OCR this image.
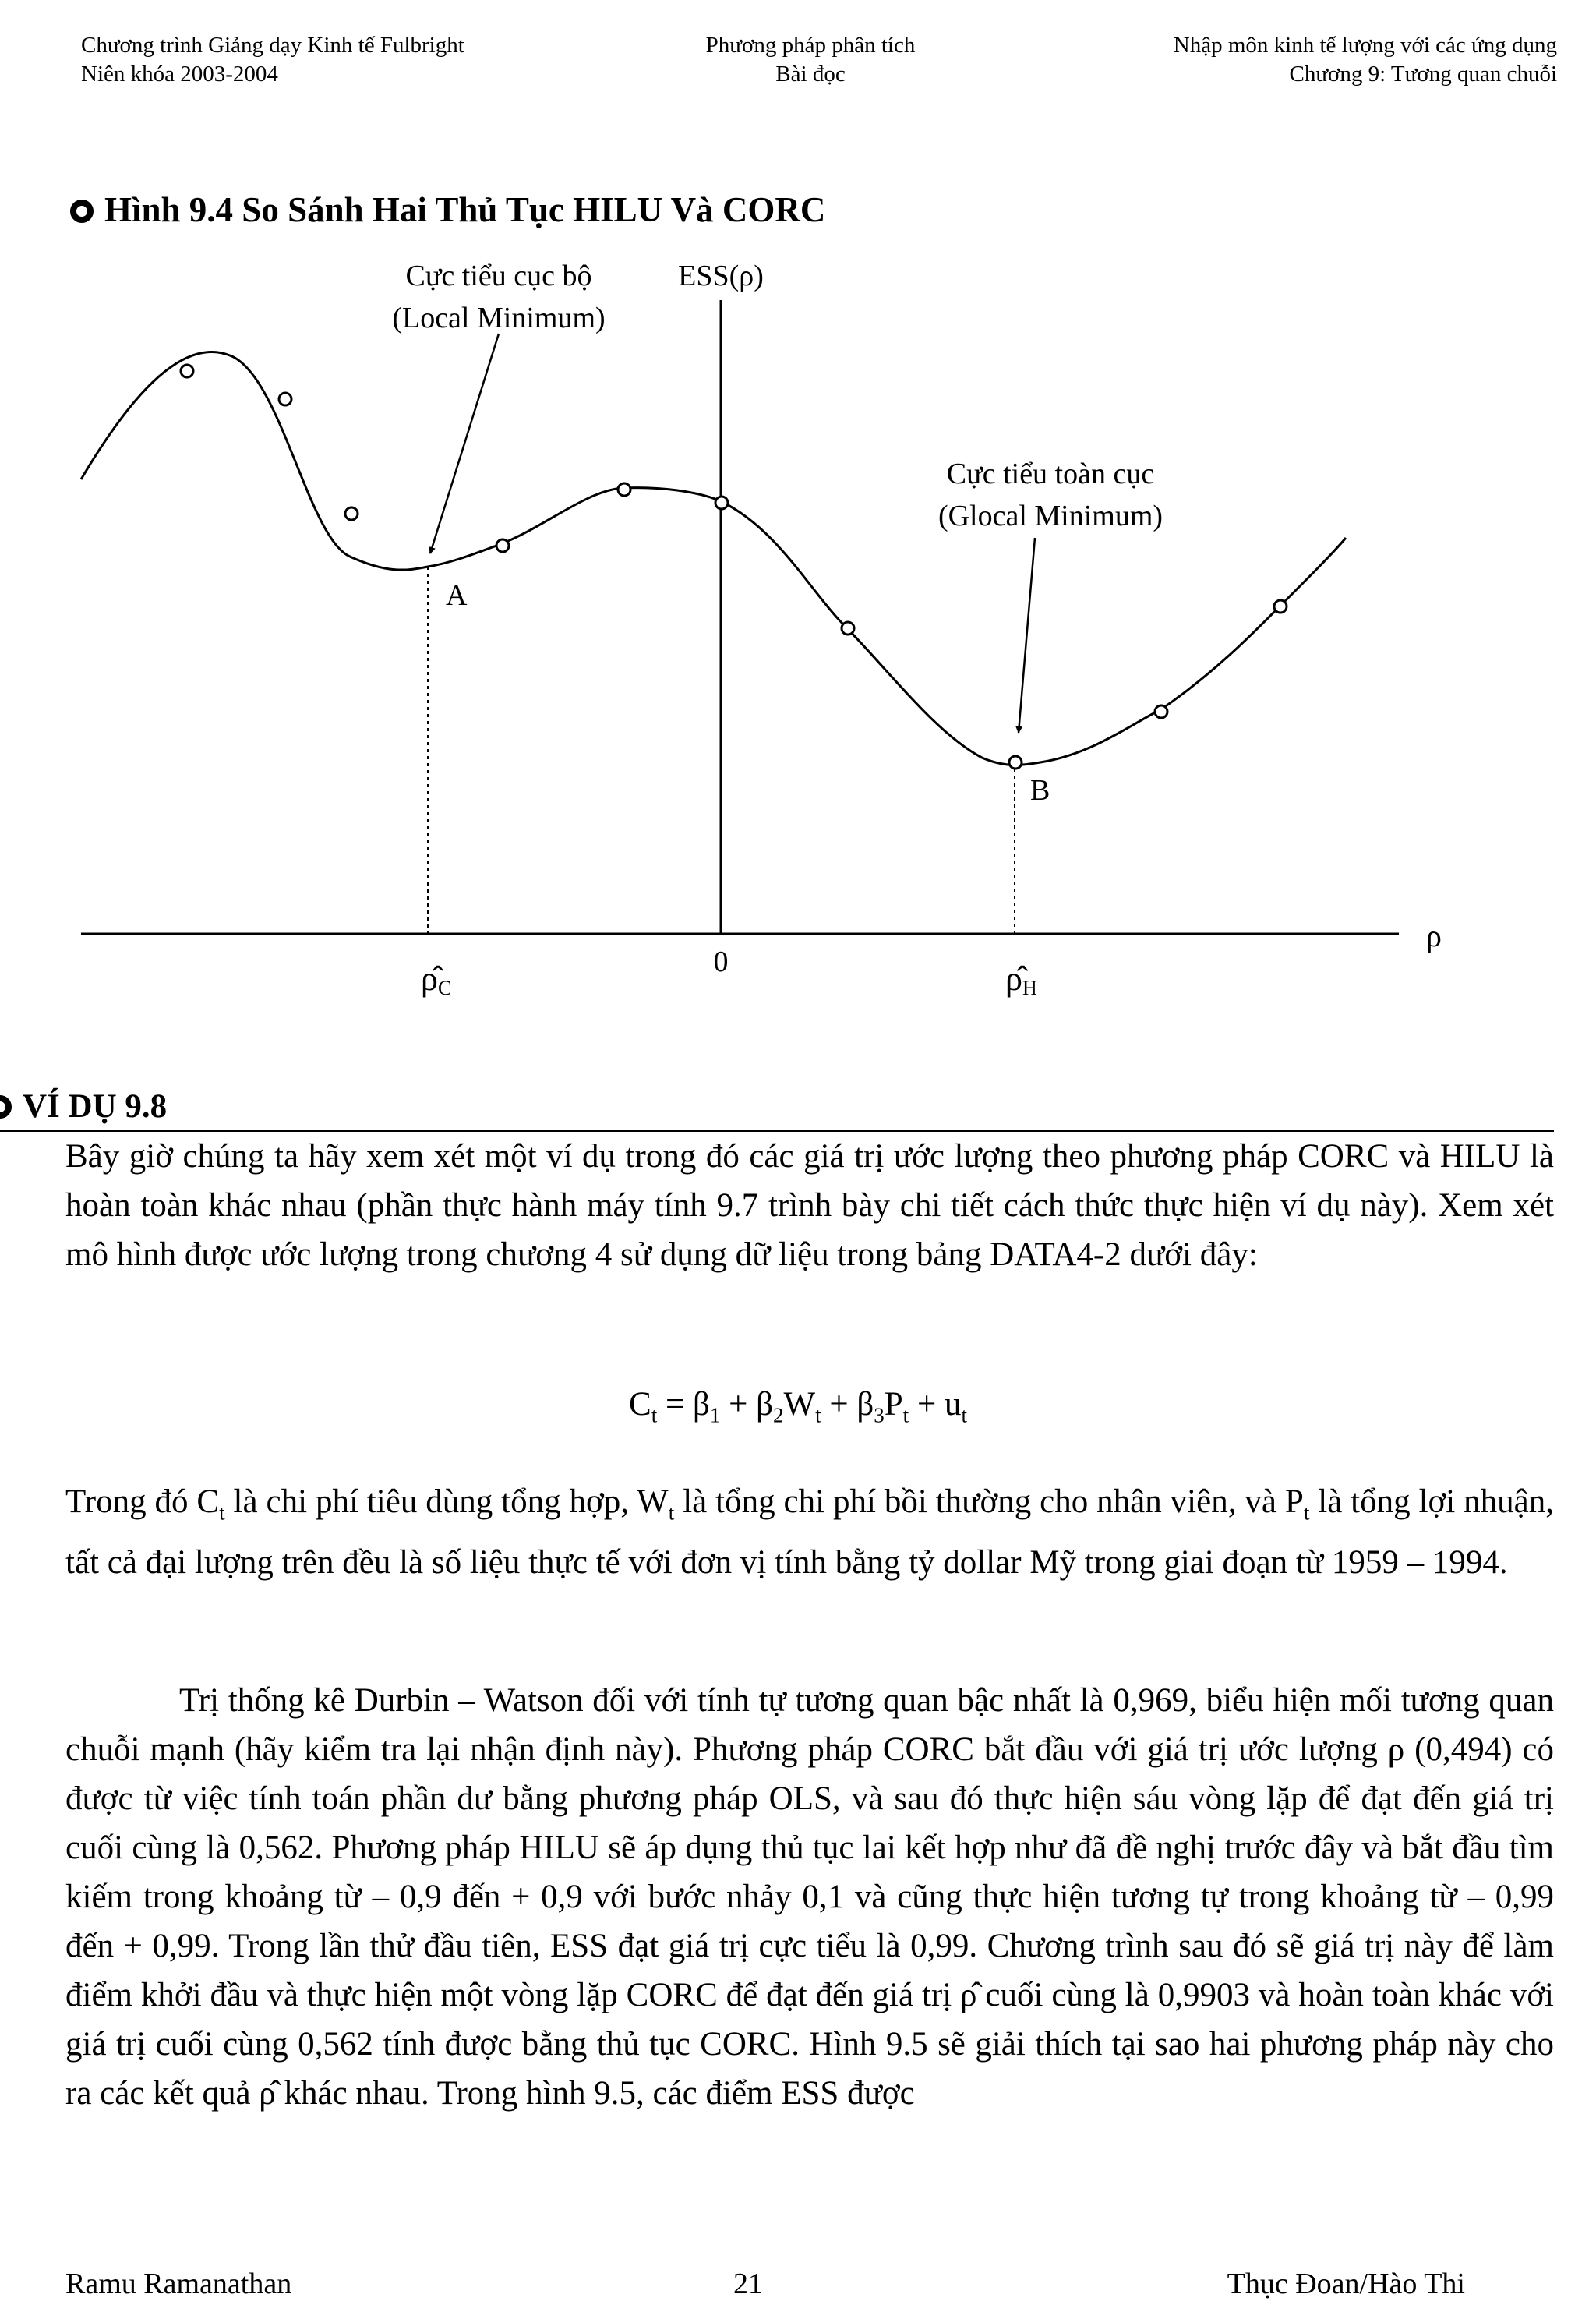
Chương trình Giảng dạy Kinh tế Fulbright
Niên khóa 2003-2004
Phương pháp phân tích
Bài đọc
Nhập môn kinh tế lượng với các ứng dụng
Chương 9: Tương quan chuỗi
Hình 9.4 So Sánh Hai Thủ Tục HILU Và CORC
Cực tiểu cục bộ
(Local Minimum)
ESS(ρ)
Cực tiểu toàn cục
(Glocal Minimum)
A
B
ρ
ρ̂C
0	ρ̂H
VÍ DỤ 9.8
Bây giờ chúng ta hãy xem xét một ví dụ trong đó các giá trị ước lượng theo phương pháp CORC và HILU là hoàn toàn khác nhau (phần thực hành máy tính 9.7 trình bày chi tiết cách thức thực hiện ví dụ này). Xem xét mô hình được ước lượng trong chương 4 sử dụng dữ liệu trong bảng DATA4-2 dưới đây:
$C_t = \beta_1 + \beta_2W_t + \beta_3P_t + u_t$
Trong đó $C_t$ là chi phí tiêu dùng tổng hợp, $W_t$ là tổng chi phí bồi thường cho nhân viên, và $P_t$ là tổng lợi nhuận, tất cả đại lượng trên đều là số liệu thực tế với đơn vị tính bằng tỷ dollar Mỹ trong giai đoạn từ 1959 – 1994.
Trị thống kê Durbin – Watson đối với tính tự tương quan bậc nhất là 0,969, biểu hiện mối tương quan chuỗi mạnh (hãy kiểm tra lại nhận định này). Phương pháp CORC bắt đầu với giá trị ước lượng ρ (0,494) có được từ việc tính toán phần dư bằng phương pháp OLS, và sau đó thực hiện sáu vòng lặp để đạt đến giá trị cuối cùng là 0,562. Phương pháp HILU sẽ áp dụng thủ tục lai kết hợp như đã đề nghị trước đây và bắt đầu tìm kiếm trong khoảng từ – 0,9 đến + 0,9 với bước nhảy 0,1 và cũng thực hiện tương tự trong khoảng từ – 0,99 đến + 0,99. Trong lần thử đầu tiên, ESS đạt giá trị cực tiểu là 0,99. Chương trình sau đó sẽ giá trị này để làm điểm khởi đầu và thực hiện một vòng lặp CORC để đạt đến giá trị ρ̂ cuối cùng là 0,9903 và hoàn toàn khác với giá trị cuối cùng 0,562 tính được bằng thủ tục CORC. Hình 9.5 sẽ giải thích tại sao hai phương pháp này cho ra các kết quả ρ̂ khác nhau. Trong hình 9.5, các điểm ESS được
Ramu Ramanathan	21	Thục Đoan/Hào Thi
